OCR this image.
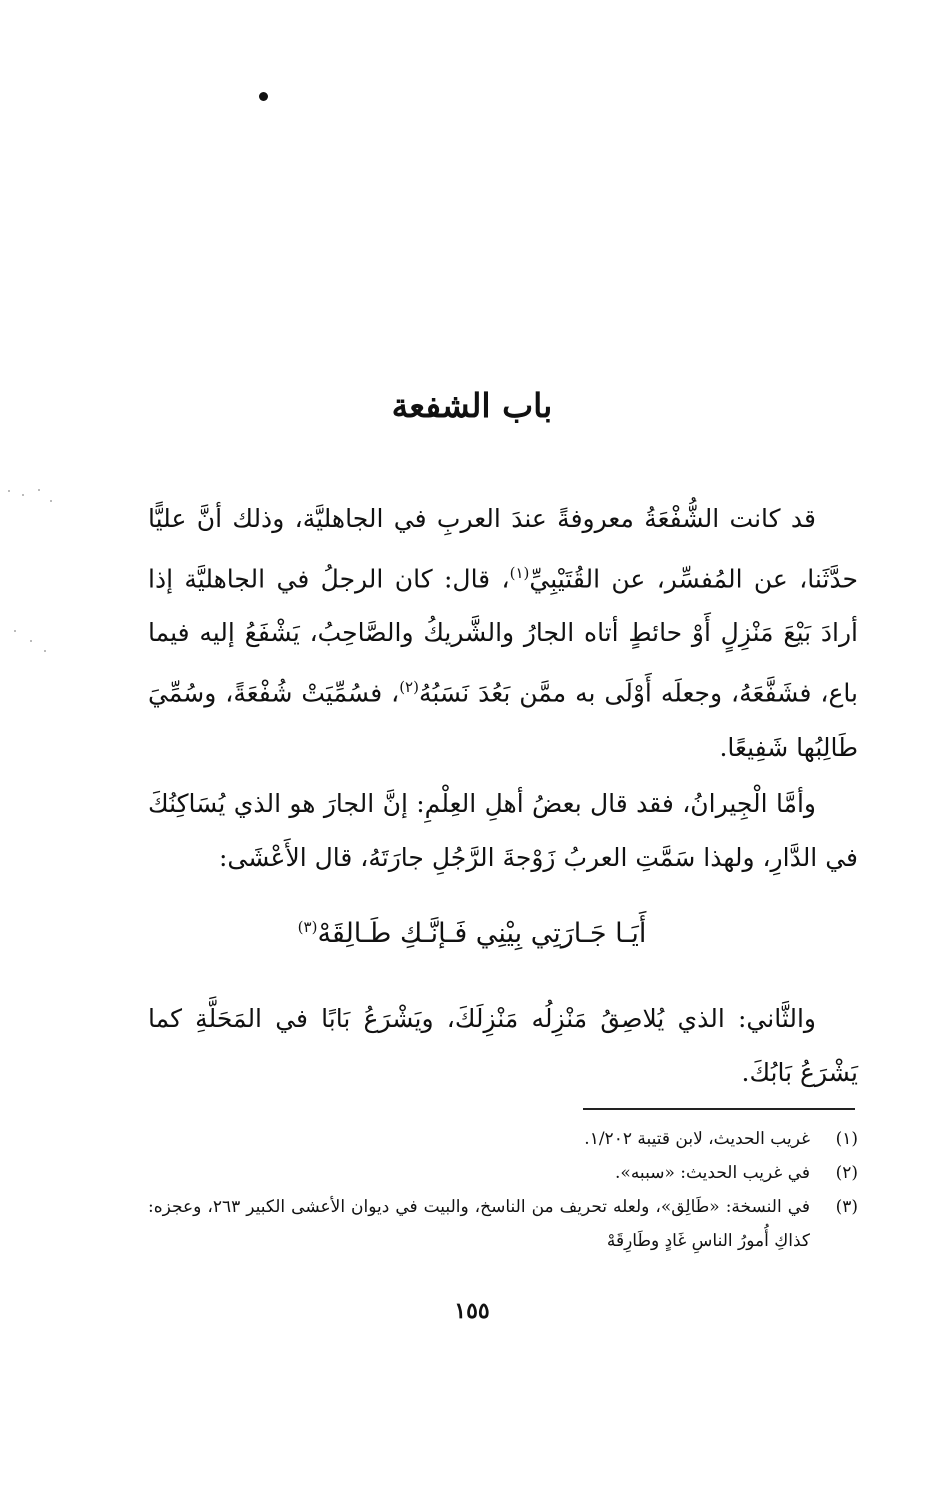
باب الشفعة

قد كانت الشُّفْعَةُ معروفةً عندَ العربِ في الجاهليَّة، وذلك أنَّ عليًّا حدَّثَنا، عن المُفسِّر، عن القُتَيْبِيِّ$^{(١)}$، قال: كان الرجلُ في الجاهليَّة إذا أرادَ بَيْعَ مَنْزِلٍ أَوْ حائطٍ أتاه الجارُ والشَّريكُ والصَّاحِبُ، يَشْفَعُ إليه فيما باع، فشَفَّعَهُ، وجعلَه أَوْلَى به ممَّن بَعُدَ نَسَبُهُ$^{(٢)}$، فسُمِّيَتْ شُفْعَةً، وسُمِّيَ طَالِبُها شَفِيعًا.

وأمَّا الْجِيرانُ، فقد قال بعضُ أهلِ العِلْمِ: إنَّ الجارَ هو الذي يُسَاكِنُكَ في الدَّارِ، ولهذا سَمَّتِ العربُ زَوْجةَ الرَّجُلِ جارَتَهُ، قال الأَعْشَى:

أَيَـا جَـارَتِي بِيْنِي فَـإنَّـكِ طَـالِقَهْ$^{(٣)}$

والثَّاني: الذي يُلاصِقُ مَنْزِلُه مَنْزِلَكَ، ويَشْرَعُ بَابًا في المَحَلَّةِ كما يَشْرَعُ بَابُكَ.

(١)
غريب الحديث، لابن قتيبة ١/٢٠٢.
(٢)
في غريب الحديث: «سببه».
(٣)
في النسخة: «طَالِق»، ولعله تحريف من الناسخ، والبيت في ديوان الأعشى الكبير ٢٦٣، وعجزه: كذاكِ أُمورُ الناسِ غَادٍ وطَارِقَهْ
١٥٥
